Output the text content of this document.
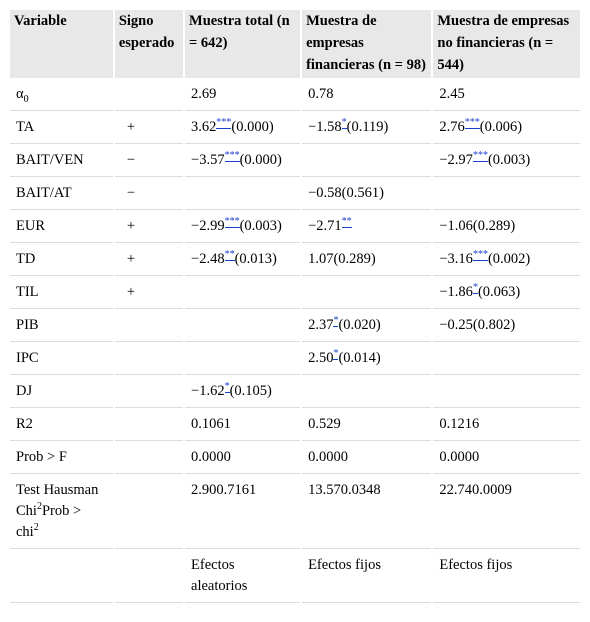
Variable	Signo esperado	Muestra total (n = 642)	Muestra de empresas financieras (n = 98)	Muestra de empresas no financieras (n = 544)
$\alpha_0$		2.69	0.78	2.45
TA	+	3.62***(0.000)	−1.58*(0.119)	2.76***(0.006)
BAIT/VEN	−	−3.57***(0.000)		−2.97***(0.003)
BAIT/AT	−		−0.58(0.561)	
EUR	+	−2.99***(0.003)	−2.71**	−1.06(0.289)
TD	+	−2.48**(0.013)	1.07(0.289)	−3.16***(0.002)
TIL	+			−1.86*(0.063)
PIB			2.37*(0.020)	−0.25(0.802)
IPC			2.50*(0.014)	
DJ		−1.62*(0.105)		
R2		0.1061	0.529	0.1216
Prob > F		0.0000	0.0000	0.0000
Test Hausman Chi$^2$Prob > chi$^2$		2.900.7161	13.570.0348	22.740.0009
		Efectos aleatorios	Efectos fijos	Efectos fijos
